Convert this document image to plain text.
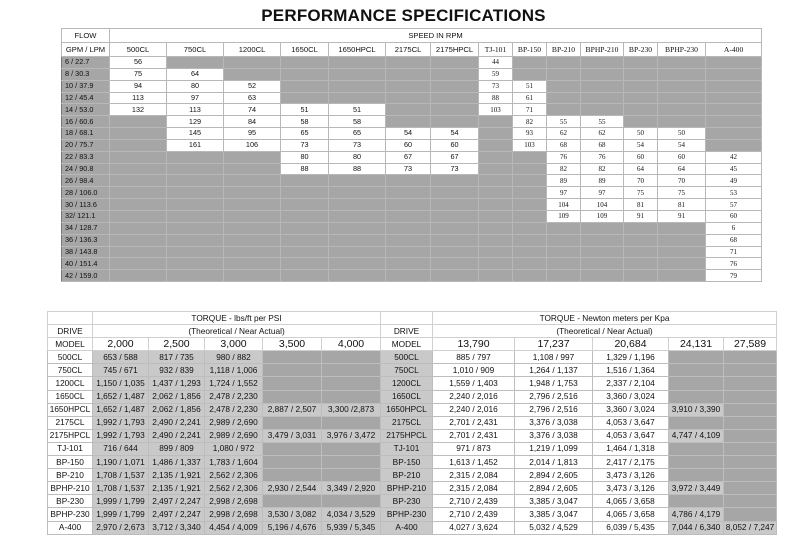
PERFORMANCE SPECIFICATIONS
FLOW	SPEED IN RPM													
GPM / LPM	500CL	750CL	1200CL	1650CL	1650HPCL	2175CL	2175HPCL	TJ-101	BP-150	BP-210	BPHP-210	BP-230	BPHP-230	A-400
6 / 22.7	56							44						
8 / 30.3	75	64						59						
10 / 37.9	94	80	52					73	51					
12 / 45.4	113	97	63					88	61					
14 / 53.0	132	113	74	51	51			103	71					
16 / 60.6		129	84	58	58				82	55	55			
18 / 68.1		145	95	65	65	54	54		93	62	62	50	50	
20 / 75.7		161	106	73	73	60	60		103	68	68	54	54	
22 / 83.3				80	80	67	67			76	76	60	60	42
24 / 90.8				88	88	73	73			82	82	64	64	45
26 / 98.4										89	89	70	70	49
28 / 106.0										97	97	75	75	53
30 / 113.6										104	104	81	81	57
32/ 121.1										109	109	91	91	60
34 / 128.7														6
36 / 136.3														68
38 / 143.8														71
40 / 151.4														76
42 / 159.0														79
	TORQUE - lbs/ft per PSI				
DRIVE	(Theoretical / Near Actual)				
MODEL	2,000	2,500	3,000	3,500	4,000
500CL	653 / 588	817 / 735	980 / 882		
750CL	745 / 671	932 / 839	1,118 / 1,006		
1200CL	1,150 / 1,035	1,437 / 1,293	1,724 / 1,552		
1650CL	1,652 / 1,487	2,062 / 1,856	2,478 / 2,230		
1650HPCL	1,652 / 1,487	2,062 / 1,856	2,478 / 2,230	2,887 / 2,507	3,300 /2,873
2175CL	1,992 / 1,793	2,490 / 2,241	2,989 / 2,690		
2175HPCL	1,992 / 1,793	2,490 / 2,241	2,989 / 2,690	3,479 / 3,031	3,976 / 3,472
TJ-101	716 / 644	899 / 809	1,080 / 972		
BP-150	1,190 / 1,071	1,486 / 1,337	1,783 / 1,604		
BP-210	1,708 / 1,537	2,135 / 1,921	2,562 / 2,306		
BPHP-210	1,708 / 1,537	2,135 / 1,921	2,562 / 2,306	2,930 / 2,544	3,349 / 2,920
BP-230	1,999 / 1,799	2,497 / 2,247	2,998 / 2,698		
BPHP-230	1,999 / 1,799	2,497 / 2,247	2,998 / 2,698	3,530 / 3,082	4,034 / 3,529
A-400	2,970 / 2,673	3,712 / 3,340	4,454 / 4,009	5,196 / 4,676	5,939 / 5,345
	TORQUE - Newton meters per Kpa				
DRIVE	(Theoretical / Near Actual)				
MODEL	13,790	17,237	20,684	24,131	27,589
500CL	885 / 797	1,108 / 997	1,329 / 1,196		
750CL	1,010 / 909	1,264 / 1,137	1,516 / 1,364		
1200CL	1,559 / 1,403	1,948 / 1,753	2,337 / 2,104		
1650CL	2,240 / 2,016	2,796 / 2,516	3,360 / 3,024		
1650HPCL	2,240 / 2,016	2,796 / 2,516	3,360 / 3,024	3,910 / 3,390	
2175CL	2,701 / 2,431	3,376 / 3,038	4,053 / 3,647		
2175HPCL	2,701 / 2,431	3,376 / 3,038	4,053 / 3,647	4,747 / 4,109	
TJ-101	971 / 873	1,219 / 1,099	1,464 / 1,318		
BP-150	1,613 / 1,452	2,014 / 1,813	2,417 / 2,175		
BP-210	2,315 / 2,084	2,894 / 2,605	3,473 / 3,126		
BPHP-210	2,315 / 2,084	2,894 / 2,605	3,473 / 3,126	3,972 / 3,449	
BP-230	2,710 / 2,439	3,385 / 3,047	4,065 / 3,658		
BPHP-230	2,710 / 2,439	3,385 / 3,047	4,065 / 3,658	4,786 / 4,179	
A-400	4,027 / 3,624	5,032 / 4,529	6,039 / 5,435	7,044 / 6,340	8,052 / 7,247
